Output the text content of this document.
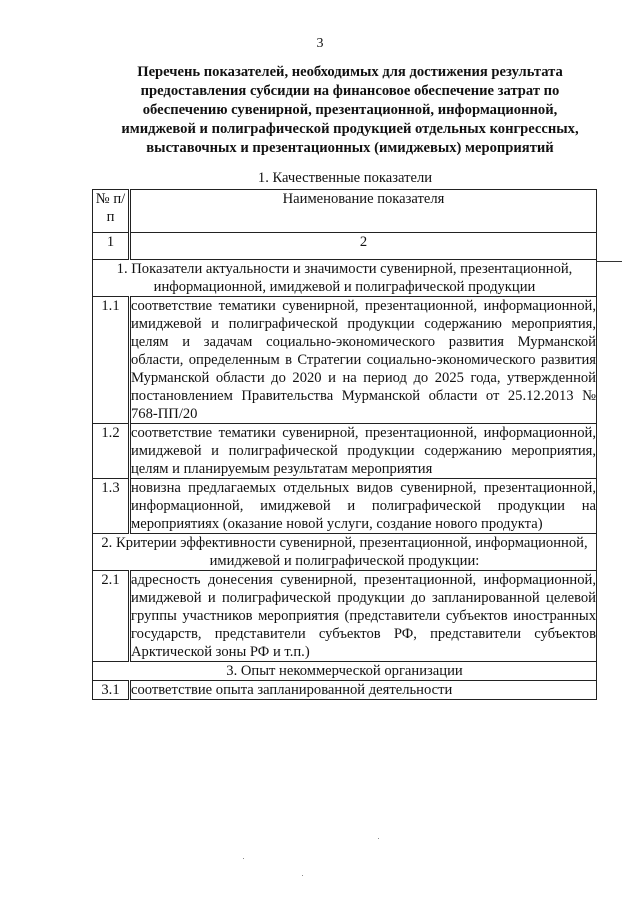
3
Перечень показателей, необходимых для достижения результата
предоставления субсидии на финансовое обеспечение затрат по
обеспечению сувенирной, презентационной, информационной,
имиджевой и полиграфической продукцией отдельных конгрессных,
выставочных и презентационных (имиджевых) мероприятий
1. Качественные показатели
№ п/п	Наименование показателя
1	2
1. Показатели актуальности и значимости сувенирной, презентационной, информационной, имиджевой и полиграфической продукции	
1.1	соответствие тематики сувенирной, презентационной, информационной, имиджевой и полиграфической продукции содержанию мероприятия, целям и задачам социально-экономического развития Мурманской области, определенным в Стратегии социально-экономического развития Мурманской области до 2020 и на период до 2025 года, утвержденной постановлением Правительства Мурманской области от 25.12.2013 № 768-ПП/20
1.2	соответствие тематики сувенирной, презентационной, информационной, имиджевой и полиграфической продукции содержанию мероприятия, целям и планируемым результатам мероприятия
1.3	новизна предлагаемых отдельных видов сувенирной, презентационной, информационной, имиджевой и полиграфической продукции на мероприятиях (оказание новой услуги, создание нового продукта)
2. Критерии эффективности сувенирной, презентационной, информационной, имиджевой и полиграфической продукции:	
2.1	адресность донесения сувенирной, презентационной, информационной, имиджевой и полиграфической продукции до запланированной целевой группы участников мероприятия (представители субъектов иностранных государств, представители субъектов РФ, представители субъектов Арктической зоны РФ и т.п.)
3. Опыт некоммерческой организации	
3.1	соответствие опыта запланированной деятельности
